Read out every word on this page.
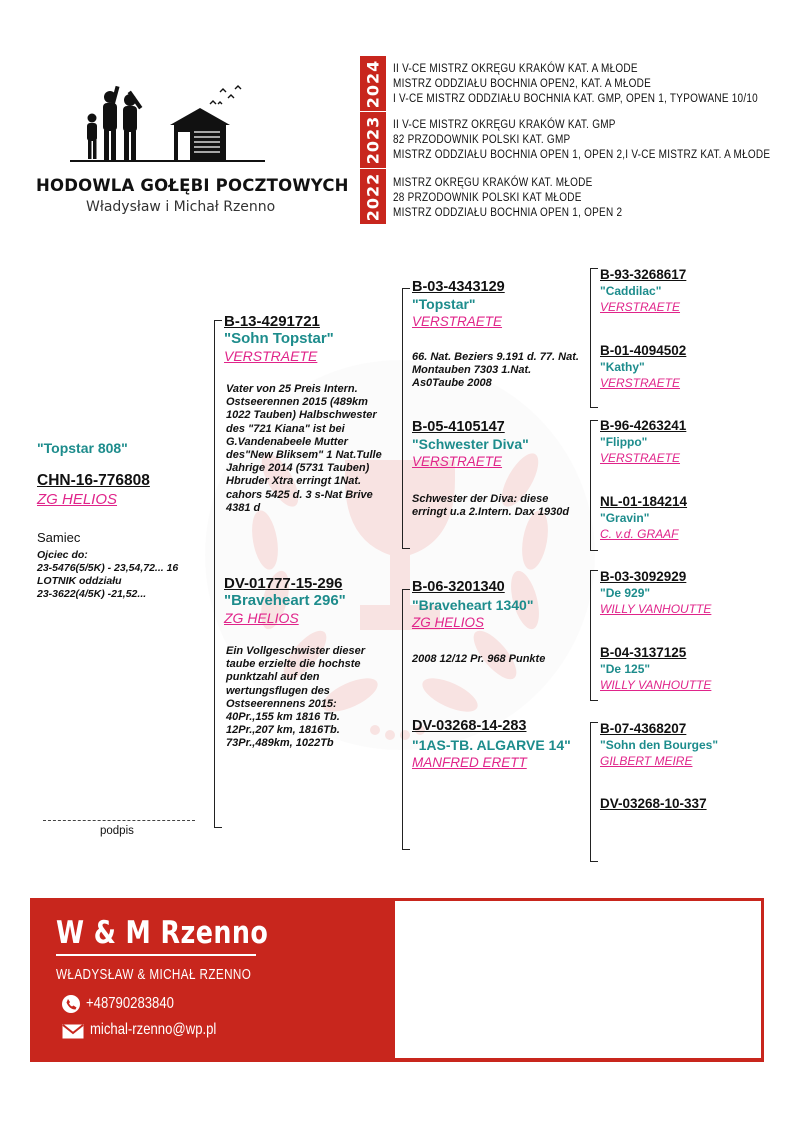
HODOWLA GOŁĘBI POCZTOWYCH
Władysław i Michał Rzenno
2024
2023
2022
II V-CE MISTRZ OKRĘGU KRAKÓW KAT. A MŁODE
MISTRZ ODDZIAŁU BOCHNIA OPEN2, KAT. A MŁODE
I V-CE MISTRZ ODDZIAŁU BOCHNIA KAT. GMP, OPEN 1, TYPOWANE 10/10
II V-CE MISTRZ OKRĘGU KRAKÓW KAT. GMP
82 PRZODOWNIK POLSKI KAT. GMP
MISTRZ ODDZIAŁU BOCHNIA OPEN 1, OPEN 2,I V-CE MISTRZ KAT. A MŁODE
MISTRZ OKRĘGU KRAKÓW KAT. MŁODE
28 PRZODOWNIK POLSKI KAT MŁODE
MISTRZ ODDZIAŁU BOCHNIA OPEN 1, OPEN 2
"Topstar 808"
CHN-16-776808
ZG HELIOS
Samiec
Ojciec do:
23-5476(5/5K) - 23,54,72... 16
LOTNIK oddziału
23-3622(4/5K) -21,52...
podpis
B-13-4291721
"Sohn Topstar"
VERSTRAETE
Vater von 25 Preis Intern. Ostseerennen 2015 (489km 1022 Tauben) Halbschwester des "721 Kiana" ist bei G.Vandenabeele Mutter des"New Bliksem" 1 Nat.Tulle Jahrige 2014 (5731 Tauben) Hbruder Xtra erringt 1Nat. cahors 5425 d. 3 s-Nat Brive 4381 d
DV-01777-15-296
"Braveheart 296"
ZG HELIOS
Ein Vollgeschwister dieser taube erzielte die hochste punktzahl auf den wertungsflugen des Ostseerennens 2015: 40Pr.,155 km 1816 Tb. 12Pr.,207 km, 1816Tb. 73Pr.,489km, 1022Tb
B-03-4343129
"Topstar"
VERSTRAETE
66. Nat. Beziers 9.191 d. 77. Nat. Montauben 7303 1.Nat. As0Taube 2008
B-05-4105147
"Schwester Diva"
VERSTRAETE
Schwester der Diva: diese erringt u.a 2.Intern. Dax 1930d
B-06-3201340
"Braveheart 1340"
ZG HELIOS
2008 12/12 Pr. 968 Punkte
DV-03268-14-283
"1AS-TB. ALGARVE 14"
MANFRED ERETT
B-93-3268617
"Caddilac"
VERSTRAETE
B-01-4094502
"Kathy"
VERSTRAETE
B-96-4263241
"Flippo"
VERSTRAETE
NL-01-184214
"Gravin"
C. v.d. GRAAF
B-03-3092929
"De 929"
WILLY VANHOUTTE
B-04-3137125
"De 125"
WILLY VANHOUTTE
B-07-4368207
"Sohn den Bourges"
GILBERT MEIRE
DV-03268-10-337
W & M Rzenno
WŁADYSŁAW & MICHAŁ RZENNO
+48790283840
michal-rzenno@wp.pl
